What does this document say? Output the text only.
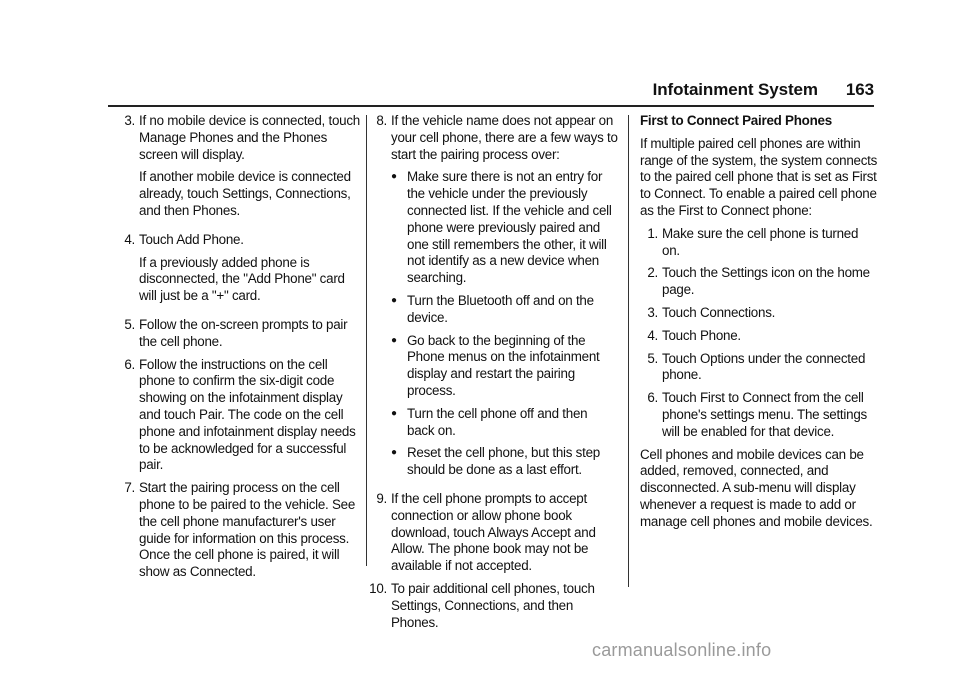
Infotainment System 163
3. If no mobile device is connected, touch Manage Phones and the Phones screen will display.
If another mobile device is connected already, touch Settings, Connections, and then Phones.
4. Touch Add Phone.
If a previously added phone is disconnected, the "Add Phone" card will just be a "+" card.
5. Follow the on-screen prompts to pair the cell phone.
6. Follow the instructions on the cell phone to confirm the six-digit code showing on the infotainment display and touch Pair. The code on the cell phone and infotainment display needs to be acknowledged for a successful pair.
7. Start the pairing process on the cell phone to be paired to the vehicle. See the cell phone manufacturer's user guide for information on this process. Once the cell phone is paired, it will show as Connected.
8. If the vehicle name does not appear on your cell phone, there are a few ways to start the pairing process over:
● Make sure there is not an entry for the vehicle under the previously connected list. If the vehicle and cell phone were previously paired and one still remembers the other, it will not identify as a new device when searching.
● Turn the Bluetooth off and on the device.
● Go back to the beginning of the Phone menus on the infotainment display and restart the pairing process.
● Turn the cell phone off and then back on.
● Reset the cell phone, but this step should be done as a last effort.
9. If the cell phone prompts to accept connection or allow phone book download, touch Always Accept and Allow. The phone book may not be available if not accepted.
10. To pair additional cell phones, touch Settings, Connections, and then Phones.
First to Connect Paired Phones
If multiple paired cell phones are within range of the system, the system connects to the paired cell phone that is set as First to Connect. To enable a paired cell phone as the First to Connect phone:
1. Make sure the cell phone is turned on.
2. Touch the Settings icon on the home page.
3. Touch Connections.
4. Touch Phone.
5. Touch Options under the connected phone.
6. Touch First to Connect from the cell phone's settings menu. The settings will be enabled for that device.
Cell phones and mobile devices can be added, removed, connected, and disconnected. A sub-menu will display whenever a request is made to add or manage cell phones and mobile devices.
carmanualsonline.info
